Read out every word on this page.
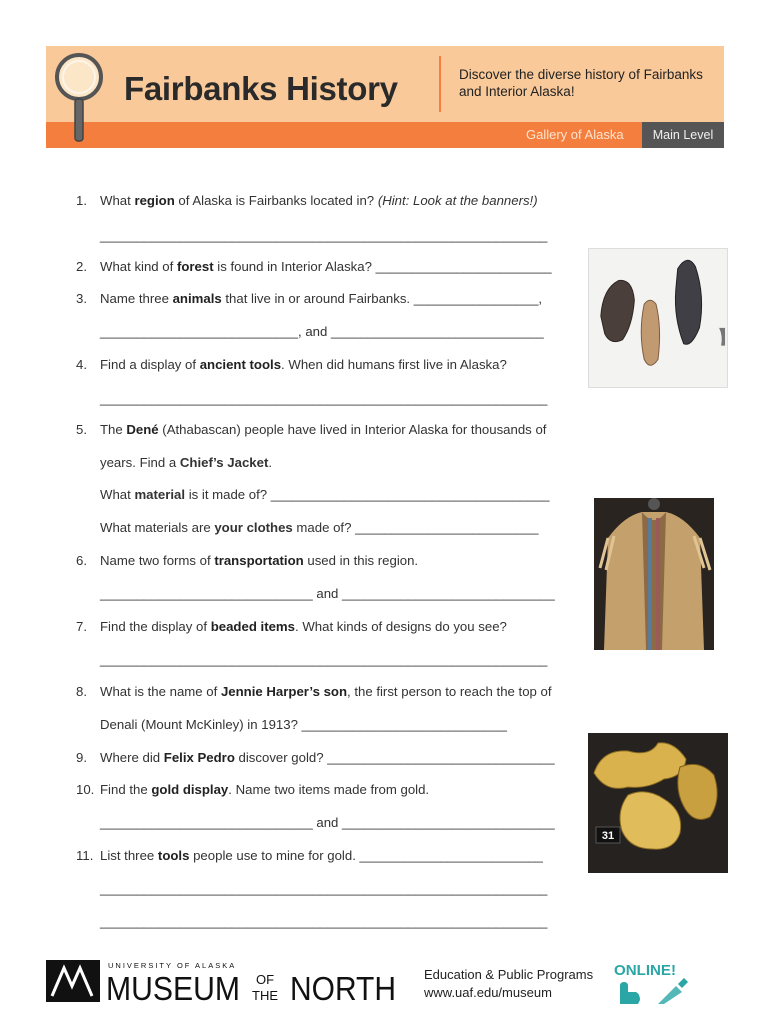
Fairbanks History	Discover the diverse history of Fairbanks and Interior Alaska!
Gallery of Alaska	Main Level
1. What region of Alaska is Fairbanks located in? (Hint: Look at the banners!)
_____________________________________________________________
2. What kind of forest is found in Interior Alaska? ________________________
3. Name three animals that live in or around Fairbanks. _________________,
___________________________, and _____________________________
4. Find a display of ancient tools. When did humans first live in Alaska?
_____________________________________________________________
5. The Dené (Athabascan) people have lived in Interior Alaska for thousands of
years. Find a Chief’s Jacket.
What material is it made of? ______________________________________
What materials are your clothes made of? _________________________
6. Name two forms of transportation used in this region.
_____________________________ and _____________________________
7. Find the display of beaded items. What kinds of designs do you see?
_____________________________________________________________
8. What is the name of Jennie Harper’s son, the first person to reach the top of
Denali (Mount McKinley) in 1913? ____________________________
9. Where did Felix Pedro discover gold? _______________________________
10. Find the gold display. Name two items made from gold.
_____________________________ and _____________________________
11. List three tools people use to mine for gold. _________________________
_____________________________________________________________
_____________________________________________________________
31
UNIVERSITY OF ALASKA
MUSEUM OF
THE NORTH Education & Public Programs
www.uaf.edu/museum
ONLINE!
